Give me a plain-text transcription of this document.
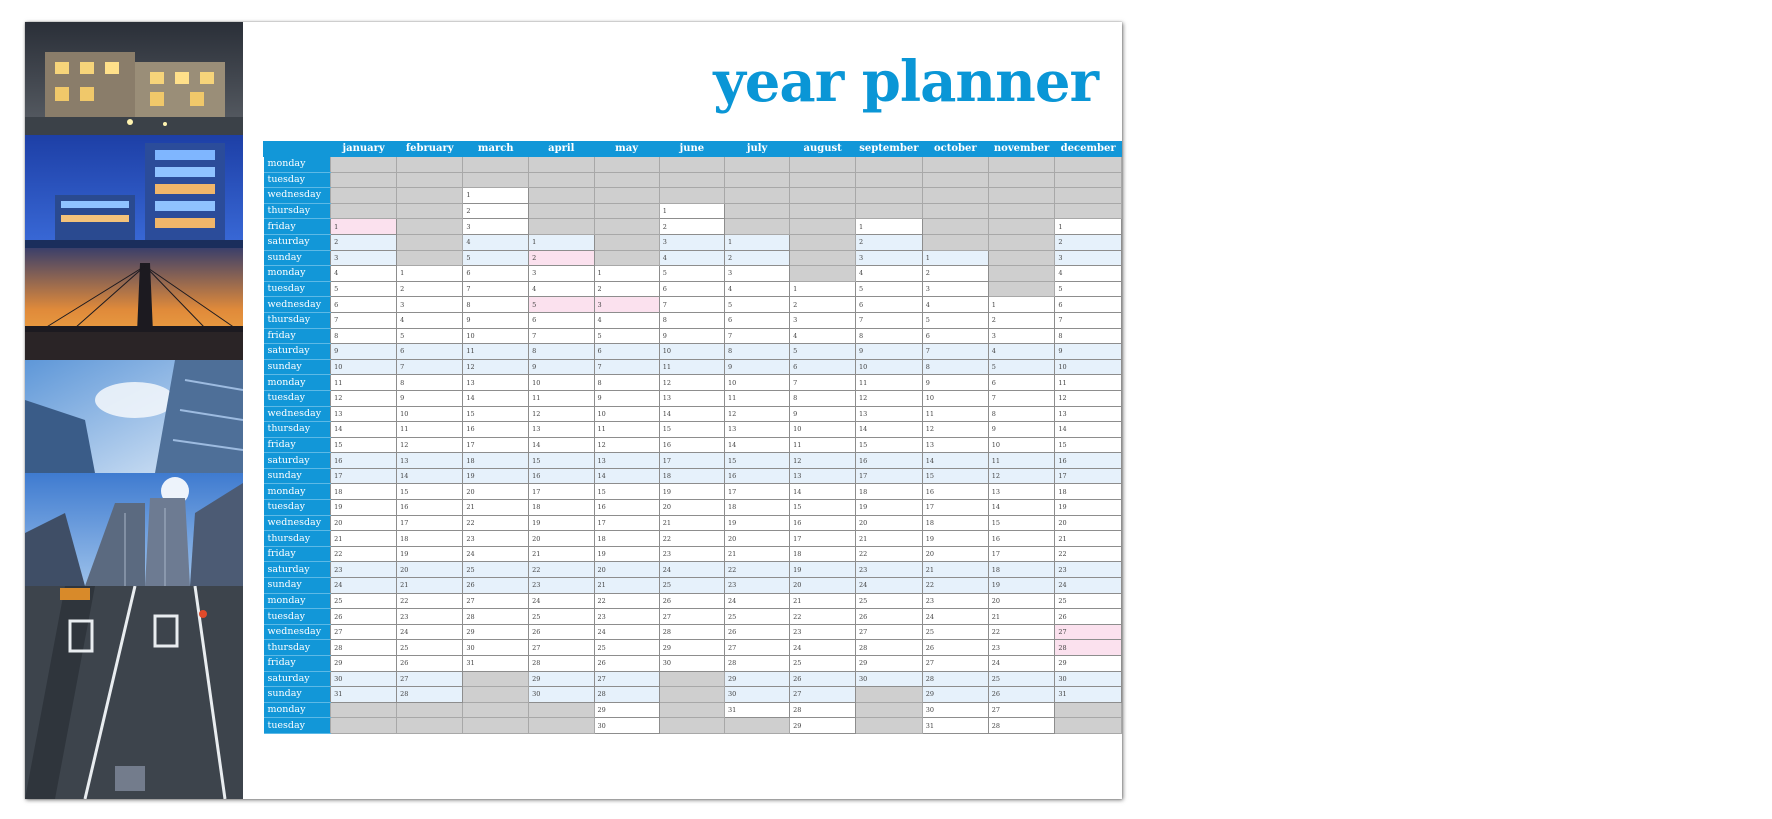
year planner
	january	february	march	april	may	june	july	august	september	october	november	december
monday												
tuesday												
wednesday			1									
thursday			2			1						
friday	1		3			2			1			1
saturday	2		4	1		3	1		2			2
sunday	3		5	2		4	2		3	1		3
monday	4	1	6	3	1	5	3		4	2		4
tuesday	5	2	7	4	2	6	4	1	5	3		5
wednesday	6	3	8	5	3	7	5	2	6	4	1	6
thursday	7	4	9	6	4	8	6	3	7	5	2	7
friday	8	5	10	7	5	9	7	4	8	6	3	8
saturday	9	6	11	8	6	10	8	5	9	7	4	9
sunday	10	7	12	9	7	11	9	6	10	8	5	10
monday	11	8	13	10	8	12	10	7	11	9	6	11
tuesday	12	9	14	11	9	13	11	8	12	10	7	12
wednesday	13	10	15	12	10	14	12	9	13	11	8	13
thursday	14	11	16	13	11	15	13	10	14	12	9	14
friday	15	12	17	14	12	16	14	11	15	13	10	15
saturday	16	13	18	15	13	17	15	12	16	14	11	16
sunday	17	14	19	16	14	18	16	13	17	15	12	17
monday	18	15	20	17	15	19	17	14	18	16	13	18
tuesday	19	16	21	18	16	20	18	15	19	17	14	19
wednesday	20	17	22	19	17	21	19	16	20	18	15	20
thursday	21	18	23	20	18	22	20	17	21	19	16	21
friday	22	19	24	21	19	23	21	18	22	20	17	22
saturday	23	20	25	22	20	24	22	19	23	21	18	23
sunday	24	21	26	23	21	25	23	20	24	22	19	24
monday	25	22	27	24	22	26	24	21	25	23	20	25
tuesday	26	23	28	25	23	27	25	22	26	24	21	26
wednesday	27	24	29	26	24	28	26	23	27	25	22	27
thursday	28	25	30	27	25	29	27	24	28	26	23	28
friday	29	26	31	28	26	30	28	25	29	27	24	29
saturday	30	27		29	27		29	26	30	28	25	30
sunday	31	28		30	28		30	27		29	26	31
monday					29		31	28		30	27	
tuesday					30			29		31	28	
